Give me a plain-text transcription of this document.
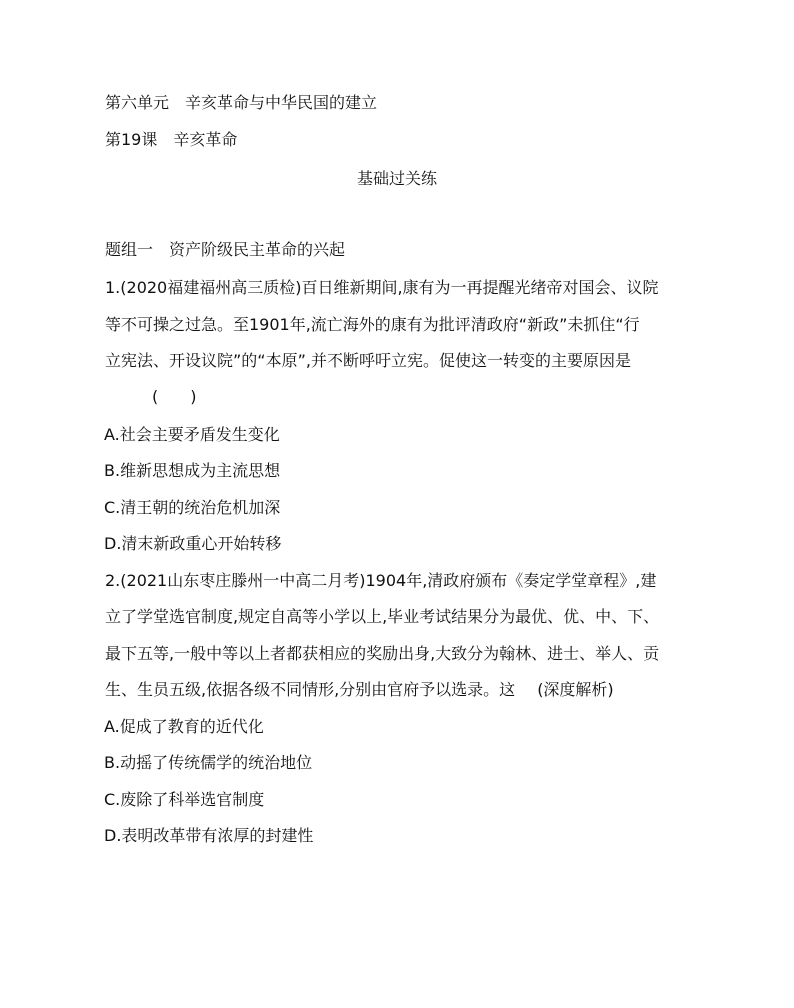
第六单元　辛亥革命与中华民国的建立
第19课　辛亥革命
基础过关练
题组一　资产阶级民主革命的兴起
1.(2020福建福州高三质检)百日维新期间,康有为一再提醒光绪帝对国会、议院
等不可操之过急。至1901年,流亡海外的康有为批评清政府“新政”未抓住“行
立宪法、开设议院”的“本原”,并不断呼吁立宪。促使这一转变的主要原因是
(　　)
A.社会主要矛盾发生变化
B.维新思想成为主流思想
C.清王朝的统治危机加深
D.清末新政重心开始转移
2.(2021山东枣庄滕州一中高二月考)1904年,清政府颁布《奏定学堂章程》,建
立了学堂选官制度,规定自高等小学以上,毕业考试结果分为最优、优、中、下、
最下五等,一般中等以上者都获相应的奖励出身,大致分为翰林、进士、举人、贡
生、生员五级,依据各级不同情形,分别由官府予以选录。这 (深度解析)
A.促成了教育的近代化
B.动摇了传统儒学的统治地位
C.废除了科举选官制度
D.表明改革带有浓厚的封建性
